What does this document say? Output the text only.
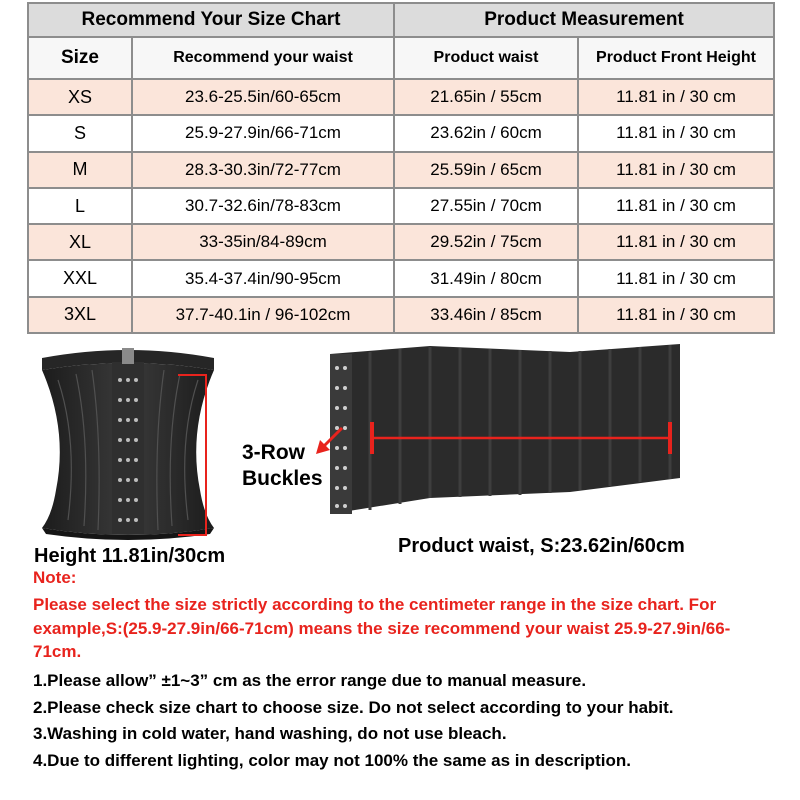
Recommend Your Size Chart		Product Measurement	
Size	Recommend your waist	Product waist	Product Front Height
XS	23.6-25.5in/60-65cm	21.65in / 55cm	11.81 in / 30 cm
S	25.9-27.9in/66-71cm	23.62in / 60cm	11.81 in / 30 cm
M	28.3-30.3in/72-77cm	25.59in / 65cm	11.81 in / 30 cm
L	30.7-32.6in/78-83cm	27.55in / 70cm	11.81 in / 30 cm
XL	33-35in/84-89cm	29.52in / 75cm	11.81 in / 30 cm
XXL	35.4-37.4in/90-95cm	31.49in / 80cm	11.81 in / 30 cm
3XL	37.7-40.1in / 96-102cm	33.46in / 85cm	11.81 in / 30 cm
3-Row
Buckles
Height 11.81in/30cm	Product waist, S:23.62in/60cm
Note:
Please select the size strictly according to the centimeter range in the size chart. For example,S:(25.9-27.9in/66-71cm) means the size recommend your waist 25.9-27.9in/66-71cm.
1.Please allow” ±1~3” cm as the error range due to manual measure.
2.Please check size chart to choose size. Do not select according to your habit.
3.Washing in cold water, hand washing, do not use bleach.
4.Due to different lighting, color may not 100% the same as in description.
